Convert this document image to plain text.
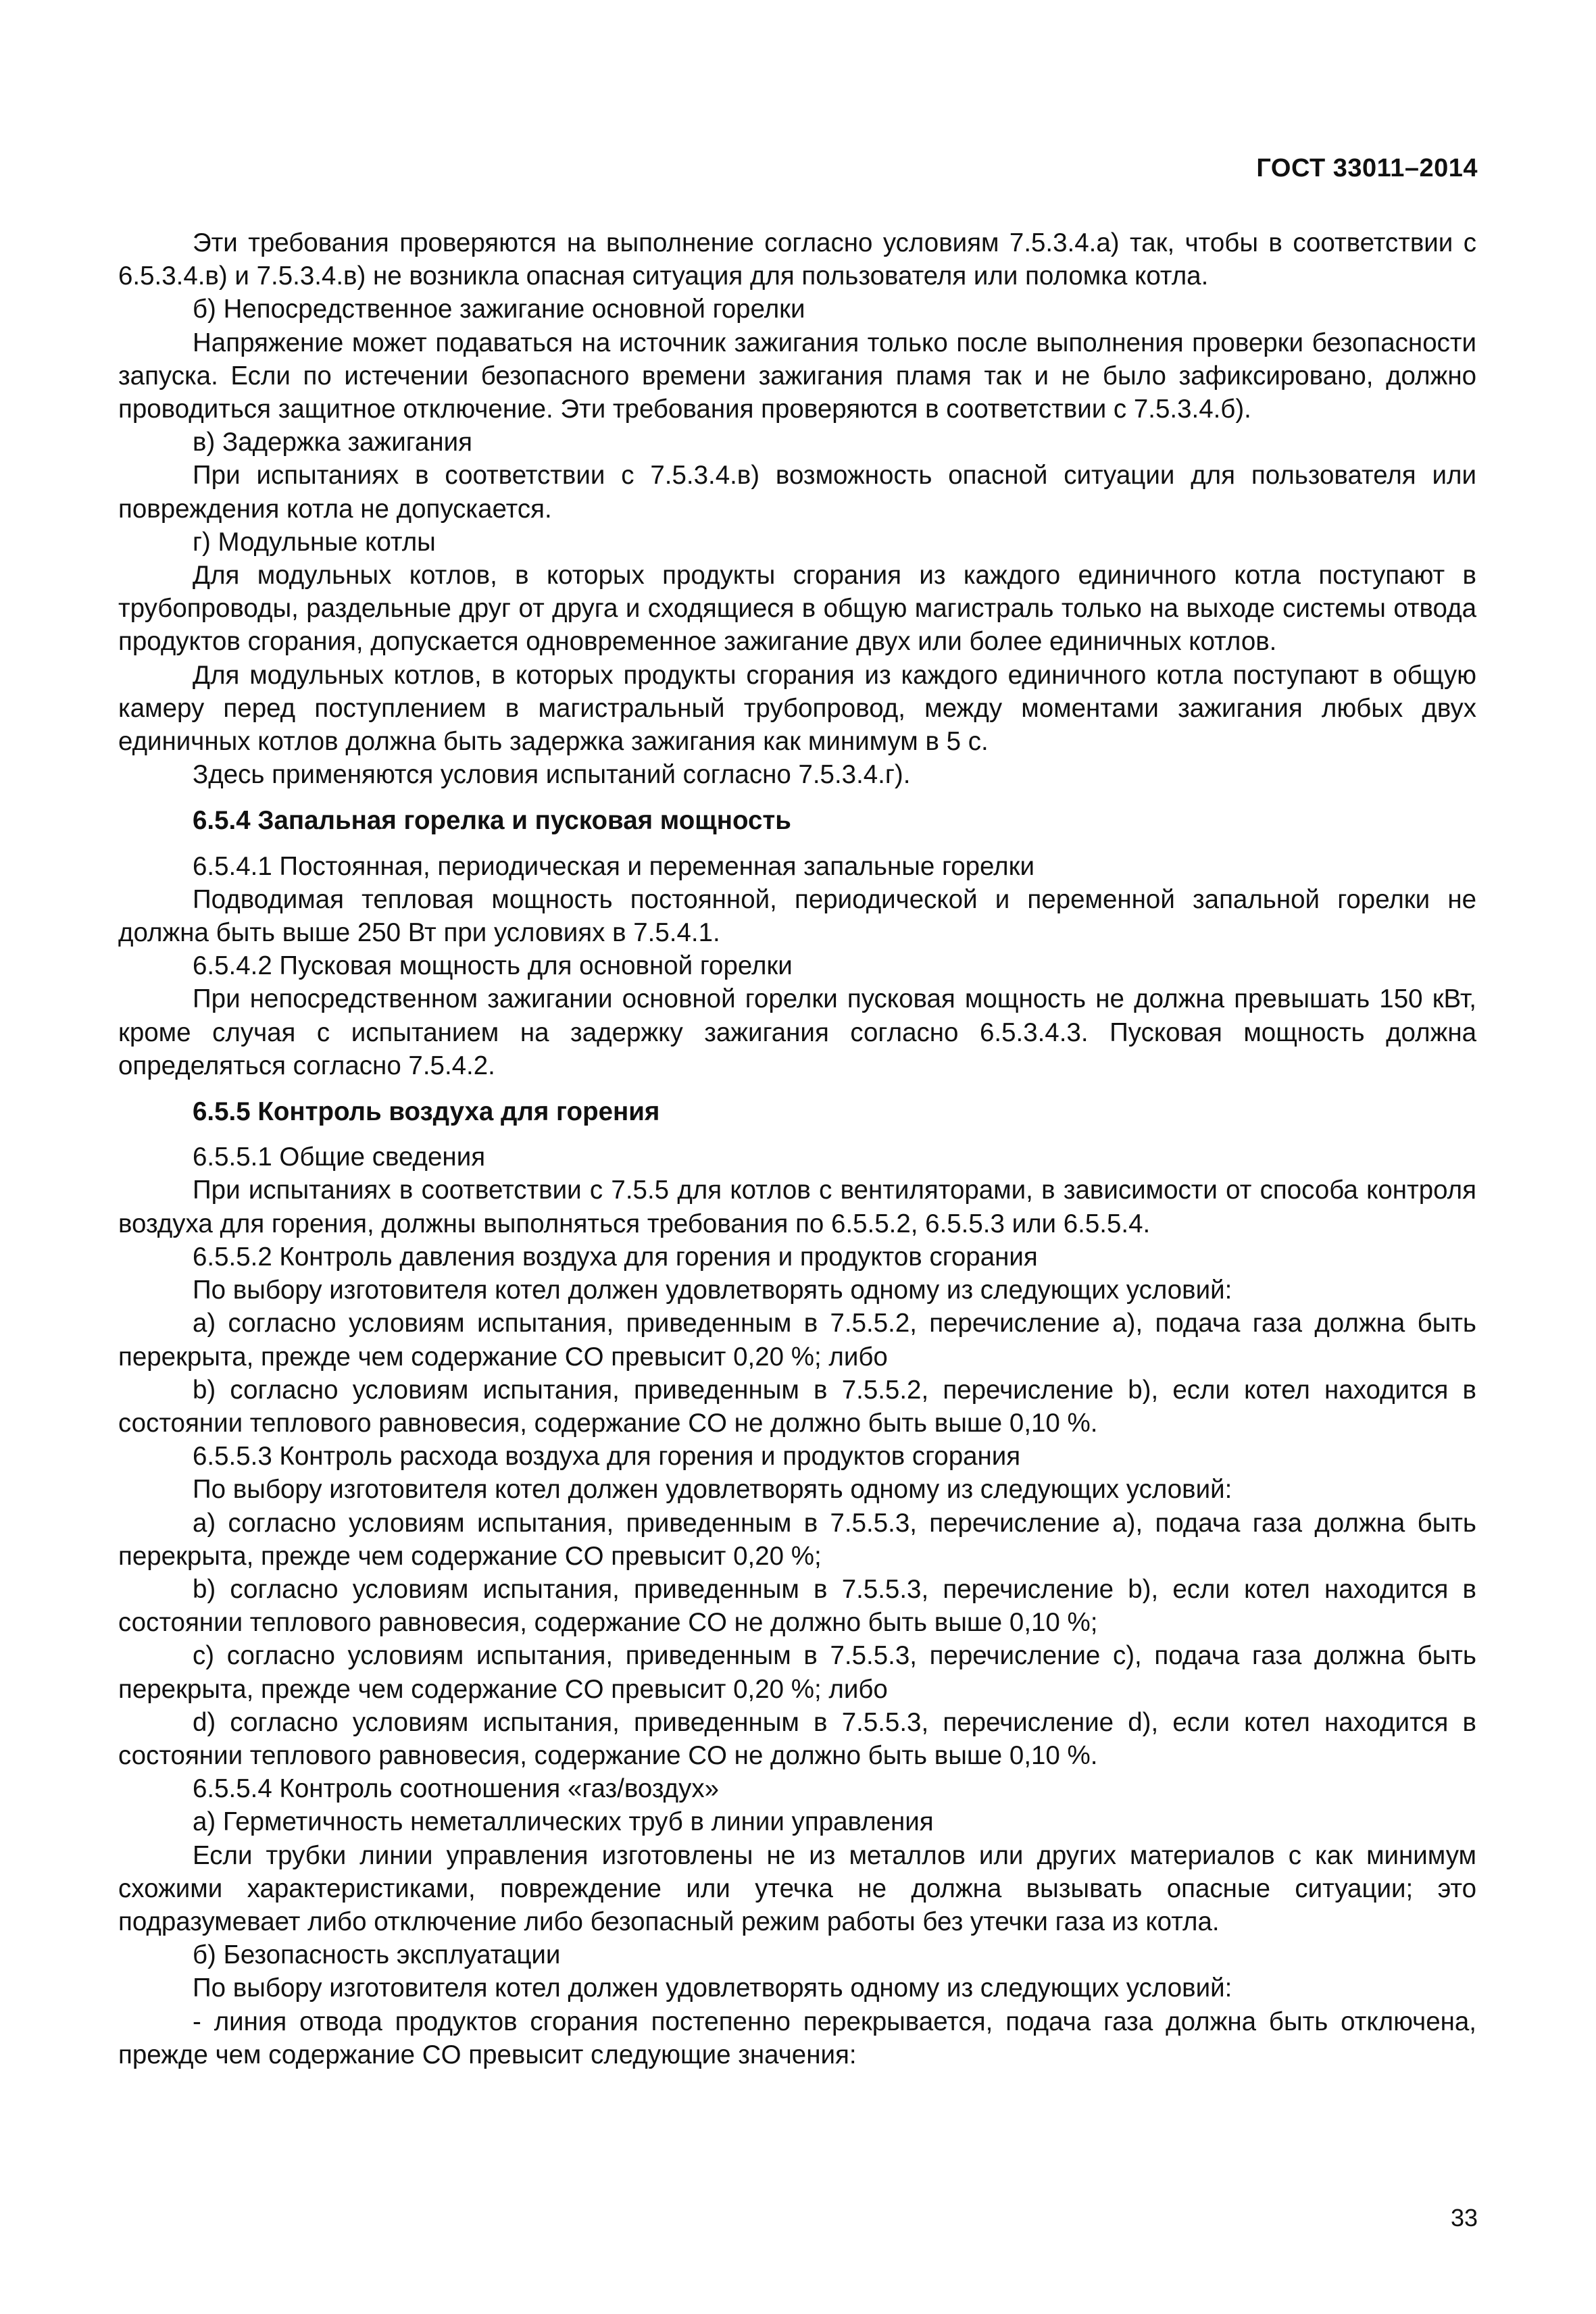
ГОСТ 33011–2014

Эти требования проверяются на выполнение согласно условиям 7.5.3.4.а) так, чтобы в соответствии с 6.5.3.4.в) и 7.5.3.4.в) не возникла опасная ситуация для пользователя или поломка котла.

б) Непосредственное зажигание основной горелки

Напряжение может подаваться на источник зажигания только после выполнения проверки безопасности запуска. Если по истечении безопасного времени зажигания пламя так и не было зафиксировано, должно проводиться защитное отключение. Эти требования проверяются в соответствии с 7.5.3.4.б).

в) Задержка зажигания

При испытаниях в соответствии с 7.5.3.4.в) возможность опасной ситуации для пользователя или повреждения котла не допускается.

г) Модульные котлы

Для модульных котлов, в которых продукты сгорания из каждого единичного котла поступают в трубопроводы, раздельные друг от друга и сходящиеся в общую магистраль только на выходе системы отвода продуктов сгорания, допускается одновременное зажигание двух или более единичных котлов.

Для модульных котлов, в которых продукты сгорания из каждого единичного котла поступают в общую камеру перед поступлением в магистральный трубопровод, между моментами зажигания любых двух единичных котлов должна быть задержка зажигания как минимум в 5 с.

Здесь применяются условия испытаний согласно 7.5.3.4.г).

6.5.4 Запальная горелка и пусковая мощность

6.5.4.1 Постоянная, периодическая и переменная запальные горелки

Подводимая тепловая мощность постоянной, периодической и переменной запальной горелки не должна быть выше 250 Вт при условиях в 7.5.4.1.

6.5.4.2 Пусковая мощность для основной горелки

При непосредственном зажигании основной горелки пусковая мощность не должна превышать 150 кВт, кроме случая с испытанием на задержку зажигания согласно 6.5.3.4.3. Пусковая мощность должна определяться согласно 7.5.4.2.

6.5.5 Контроль воздуха для горения

6.5.5.1 Общие сведения

При испытаниях в соответствии с 7.5.5 для котлов с вентиляторами, в зависимости от способа контроля воздуха для горения, должны выполняться требования по 6.5.5.2, 6.5.5.3 или 6.5.5.4.

6.5.5.2 Контроль давления воздуха для горения и продуктов сгорания

По выбору изготовителя котел должен удовлетворять одному из следующих условий:

a) согласно условиям испытания, приведенным в 7.5.5.2, перечисление a), подача газа должна быть перекрыта, прежде чем содержание CO превысит 0,20 %; либо

b) согласно условиям испытания, приведенным в 7.5.5.2, перечисление b), если котел находится в состоянии теплового равновесия, содержание CO не должно быть выше 0,10 %.

6.5.5.3 Контроль расхода воздуха для горения и продуктов сгорания

По выбору изготовителя котел должен удовлетворять одному из следующих условий:

a) согласно условиям испытания, приведенным в 7.5.5.3, перечисление a), подача газа должна быть перекрыта, прежде чем содержание CO превысит 0,20 %;

b) согласно условиям испытания, приведенным в 7.5.5.3, перечисление b), если котел находится в состоянии теплового равновесия, содержание CO не должно быть выше 0,10 %;

c) согласно условиям испытания, приведенным в 7.5.5.3, перечисление c), подача газа должна быть перекрыта, прежде чем содержание CO превысит 0,20 %; либо

d) согласно условиям испытания, приведенным в 7.5.5.3, перечисление d), если котел находится в состоянии теплового равновесия, содержание CO не должно быть выше 0,10 %.

6.5.5.4 Контроль соотношения «газ/воздух»

а) Герметичность неметаллических труб в линии управления

Если трубки линии управления изготовлены не из металлов или других материалов с как минимум схожими характеристиками, повреждение или утечка не должна вызывать опасные ситуации; это подразумевает либо отключение либо безопасный режим работы без утечки газа из котла.

б) Безопасность эксплуатации

По выбору изготовителя котел должен удовлетворять одному из следующих условий:

- линия отвода продуктов сгорания постепенно перекрывается, подача газа должна быть отключена, прежде чем содержание CO превысит следующие значения:

33
